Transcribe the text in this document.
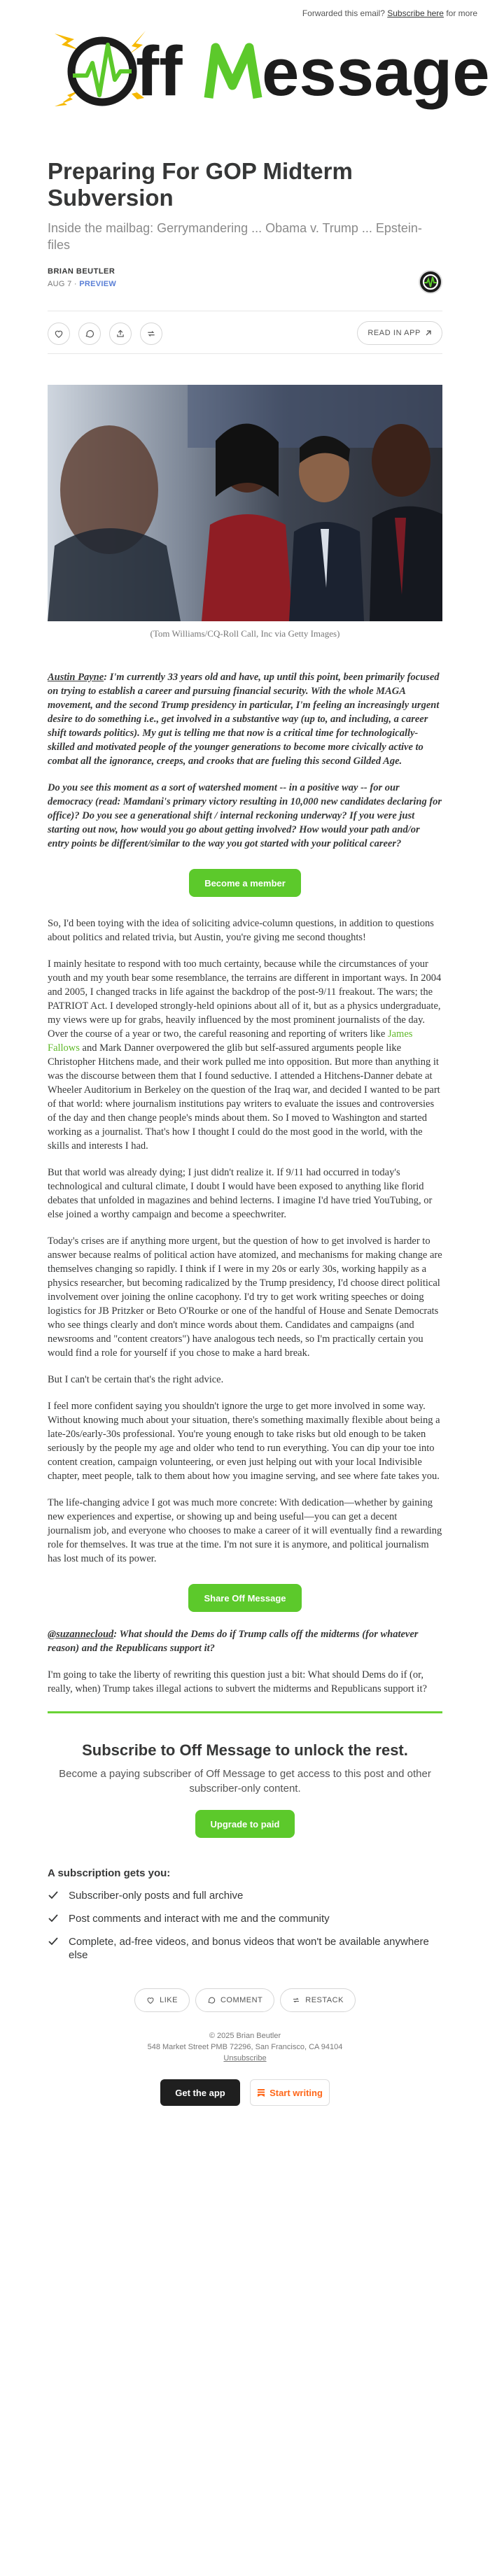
Forwarded this email? Subscribe here for more
ff essage
Preparing For GOP Midterm Subversion
Inside the mailbag: Gerrymandering ... Obama v. Trump ... Epstein-files
BRIAN BEUTLER
AUG 7 · PREVIEW
READ IN APP
(Tom Williams/CQ-Roll Call, Inc via Getty Images)

Austin Payne: I'm currently 33 years old and have, up until this point, been primarily focused on trying to establish a career and pursuing financial security. With the whole MAGA movement, and the second Trump presidency in particular, I'm feeling an increasingly urgent desire to do something i.e., get involved in a substantive way (up to, and including, a career shift towards politics). My gut is telling me that now is a critical time for technologically-skilled and motivated people of the younger generations to become more civically active to combat all the ignorance, creeps, and crooks that are fueling this second Gilded Age.

Do you see this moment as a sort of watershed moment -- in a positive way -- for our democracy (read: Mamdani's primary victory resulting in 10,000 new candidates declaring for office)? Do you see a generational shift / internal reckoning underway? If you were just starting out now, how would you go about getting involved? How would your path and/or entry points be different/similar to the way you got started with your political career?

Become a member

So, I'd been toying with the idea of soliciting advice-column questions, in addition to questions about politics and related trivia, but Austin, you're giving me second thoughts!

I mainly hesitate to respond with too much certainty, because while the circumstances of your youth and my youth bear some resemblance, the terrains are different in important ways. In 2004 and 2005, I changed tracks in life against the backdrop of the post-9/11 freakout. The wars; the PATRIOT Act. I developed strongly-held opinions about all of it, but as a physics undergraduate, my views were up for grabs, heavily influenced by the most prominent journalists of the day. Over the course of a year or two, the careful reasoning and reporting of writers like James Fallows and Mark Danner overpowered the glib but self-assured arguments people like Christopher Hitchens made, and their work pulled me into opposition. But more than anything it was the discourse between them that I found seductive. I attended a Hitchens-Danner debate at Wheeler Auditorium in Berkeley on the question of the Iraq war, and decided I wanted to be part of that world: where journalism institutions pay writers to evaluate the issues and controversies of the day and then change people's minds about them. So I moved to Washington and started working as a journalist. That's how I thought I could do the most good in the world, with the skills and interests I had.

But that world was already dying; I just didn't realize it. If 9/11 had occurred in today's technological and cultural climate, I doubt I would have been exposed to anything like florid debates that unfolded in magazines and behind lecterns. I imagine I'd have tried YouTubing, or else joined a worthy campaign and become a speechwriter.

Today's crises are if anything more urgent, but the question of how to get involved is harder to answer because realms of political action have atomized, and mechanisms for making change are themselves changing so rapidly. I think if I were in my 20s or early 30s, working happily as a physics researcher, but becoming radicalized by the Trump presidency, I'd choose direct political involvement over joining the online cacophony. I'd try to get work writing speeches or doing logistics for JB Pritzker or Beto O'Rourke or one of the handful of House and Senate Democrats who see things clearly and don't mince words about them. Candidates and campaigns (and newsrooms and "content creators") have analogous tech needs, so I'm practically certain you would find a role for yourself if you chose to make a hard break.

But I can't be certain that's the right advice.

I feel more confident saying you shouldn't ignore the urge to get more involved in some way. Without knowing much about your situation, there's something maximally flexible about being a late-20s/early-30s professional. You're young enough to take risks but old enough to be taken seriously by the people my age and older who tend to run everything. You can dip your toe into content creation, campaign volunteering, or even just helping out with your local Indivisible chapter, meet people, talk to them about how you imagine serving, and see where fate takes you.

The life-changing advice I got was much more concrete: With dedication—whether by gaining new experiences and expertise, or showing up and being useful—you can get a decent journalism job, and everyone who chooses to make a career of it will eventually find a rewarding role for themselves. It was true at the time. I'm not sure it is anymore, and political journalism has lost much of its power.

Share Off Message

@suzannecloud: What should the Dems do if Trump calls off the midterms (for whatever reason) and the Republicans support it?

I'm going to take the liberty of rewriting this question just a bit: What should Dems do if (or, really, when) Trump takes illegal actions to subvert the midterms and Republicans support it?

Subscribe to Off Message to unlock the rest.

Become a paying subscriber of Off Message to get access to this post and other subscriber-only content.

Upgrade to paid
A subscription gets you:
Subscriber-only posts and full archive
Post comments and interact with me and the community
Complete, ad-free videos, and bonus videos that won't be available anywhere else
LIKE	COMMENT	RESTACK
© 2025 Brian Beutler
548 Market Street PMB 72296, San Francisco, CA 94104
Unsubscribe
Get the app	Start writing
